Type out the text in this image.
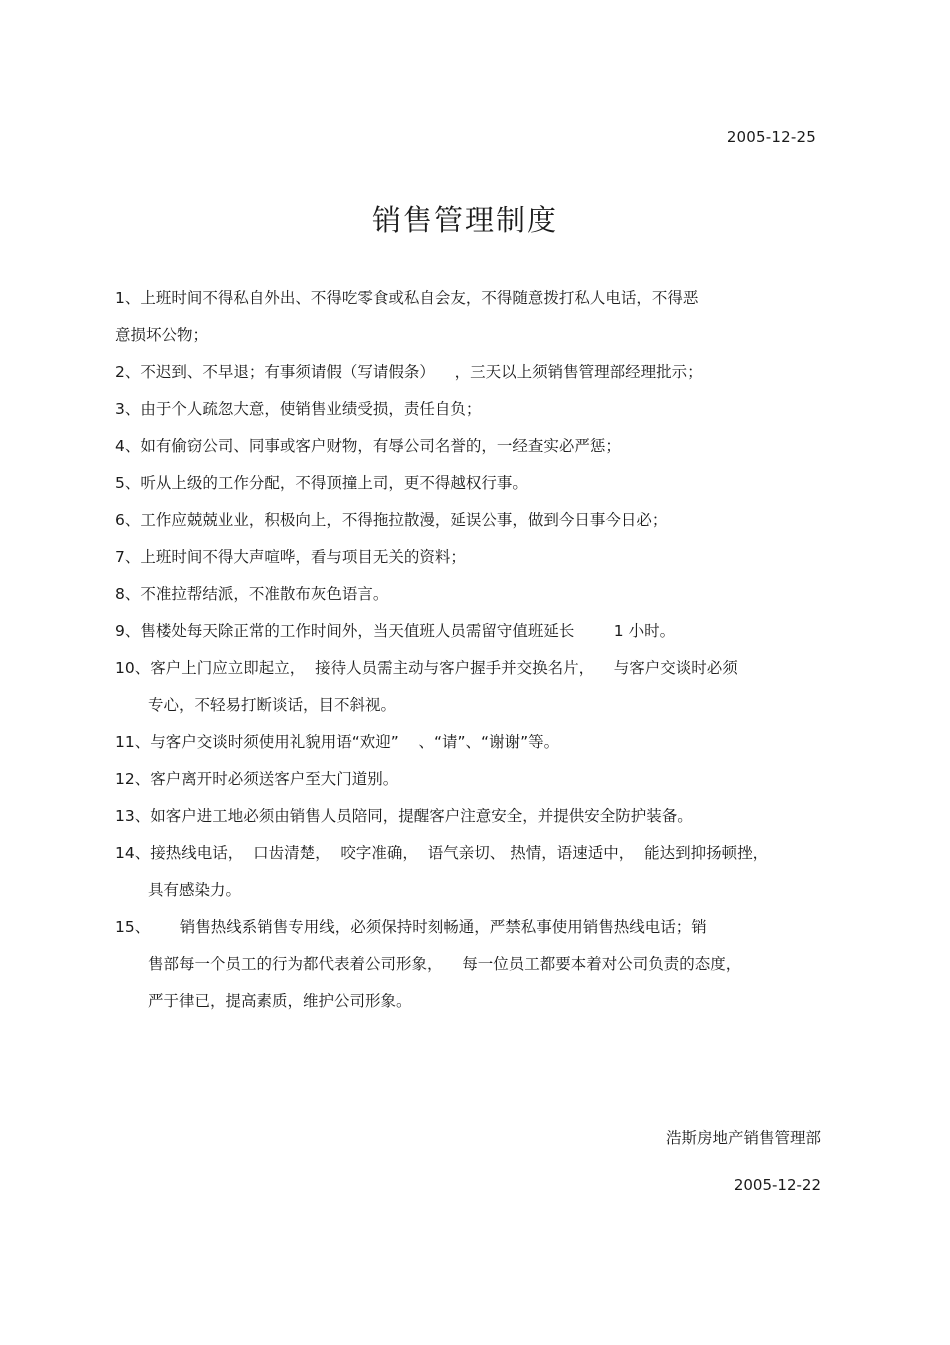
2005-12-25
销售管理制度
1、上班时间不得私自外出、不得吃零食或私自会友，不得随意拨打私人电话，不得恶
意损坏公物；
2、不迟到、不早退；有事须请假（写请假条）    ，三天以上须销售管理部经理批示；
3、由于个人疏忽大意，使销售业绩受损，责任自负；
4、如有偷窃公司、同事或客户财物，有辱公司名誉的，一经查实必严惩；
5、听从上级的工作分配，不得顶撞上司，更不得越权行事。
6、工作应兢兢业业，积极向上，不得拖拉散漫，延误公事，做到今日事今日必；
7、上班时间不得大声喧哗，看与项目无关的资料；
8、不准拉帮结派，不准散布灰色语言。
9、售楼处每天除正常的工作时间外，当天值班人员需留守值班延长        1 小时。
10、客户上门应立即起立，  接待人员需主动与客户握手并交换名片，    与客户交谈时必须
专心，不轻易打断谈话，目不斜视。
11、与客户交谈时须使用礼貌用语“欢迎”    、“请”、“谢谢”等。
12、客户离开时必须送客户至大门道别。
13、如客户进工地必须由销售人员陪同，提醒客户注意安全，并提供安全防护装备。
14、接热线电话，  口齿清楚，  咬字准确，  语气亲切、 热情，语速适中，  能达到抑扬顿挫，
具有感染力。
15、      销售热线系销售专用线，必须保持时刻畅通，严禁私事使用销售热线电话；销
售部每一个员工的行为都代表着公司形象，    每一位员工都要本着对公司负责的态度，
严于律已，提高素质，维护公司形象。
浩斯房地产销售管理部
2005-12-22
